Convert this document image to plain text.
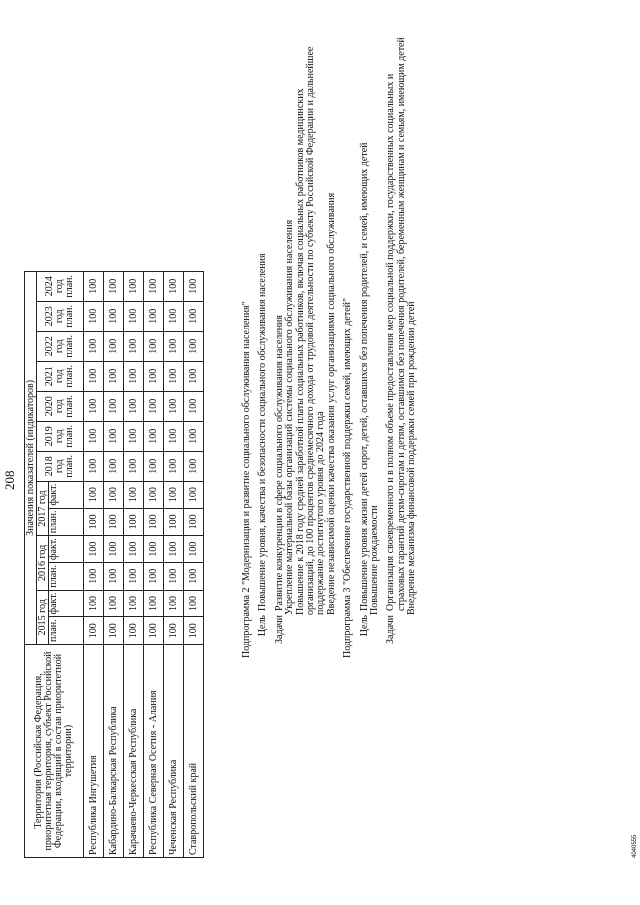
208
Территория (Российская Федерация, приоритетная территория, субъект Российской Федерации, входящий в состав приоритетной территории)	Значения показателей (индикаторов)												
	2015 год		2016 год		2017 год		2018 год план.	2019 год план.	2020 год план.	2021 год план.	2022 год план.	2023 год план.	2024 год план.
	план.	факт.	план.	факт.	план.	факт.							
Республика Ингушетия	100	100	100	100	100	100	100	100	100	100	100	100	100
Кабардино-Балкарская Республика	100	100	100	100	100	100	100	100	100	100	100	100	100
Карачаево-Черкесская Республика	100	100	100	100	100	100	100	100	100	100	100	100	100
Республика Северная Осетия - Алания	100	100	100	100	100	100	100	100	100	100	100	100	100
Чеченская Республика	100	100	100	100	100	100	100	100	100	100	100	100	100
Ставропольский край	100	100	100	100	100	100	100	100	100	100	100	100	100
Подпрограмма 2 "Модернизация и развитие социального обслуживания населения" Цель
Повышение уровня, качества и безопасности социального обслуживания населения
Задачи
Развитие конкуренции в сфере социального обслуживания населения Укрепление материальной базы организаций системы социального обслуживания населения Повышение к 2018 году средней заработной платы социальных работников, включая социальных работников медицинских организаций, до 100 процентов среднемесячного дохода от трудовой деятельности по субъекту Российской Федерации и дальнейшее поддержание достигнутого уровня до 2024 года Введение независимой оценки качества оказания услуг организациями социального обслуживания Подпрограмма 3 "Обеспечение государственной поддержки семей, имеющих детей" Цель
Повышение уровня жизни детей сирот, детей, оставшихся без попечения родителей, и семей, имеющих детей Повышение рождаемости
Задачи
Организация своевременного и в полном объеме предоставления мер социальной поддержки, государственных социальных и страховых гарантий детям-сиротам и детям, оставшимся без попечения родителей, беременным женщинам и семьям, имеющим детей Внедрение механизма финансовой поддержки семей при рождении детей
4040555
